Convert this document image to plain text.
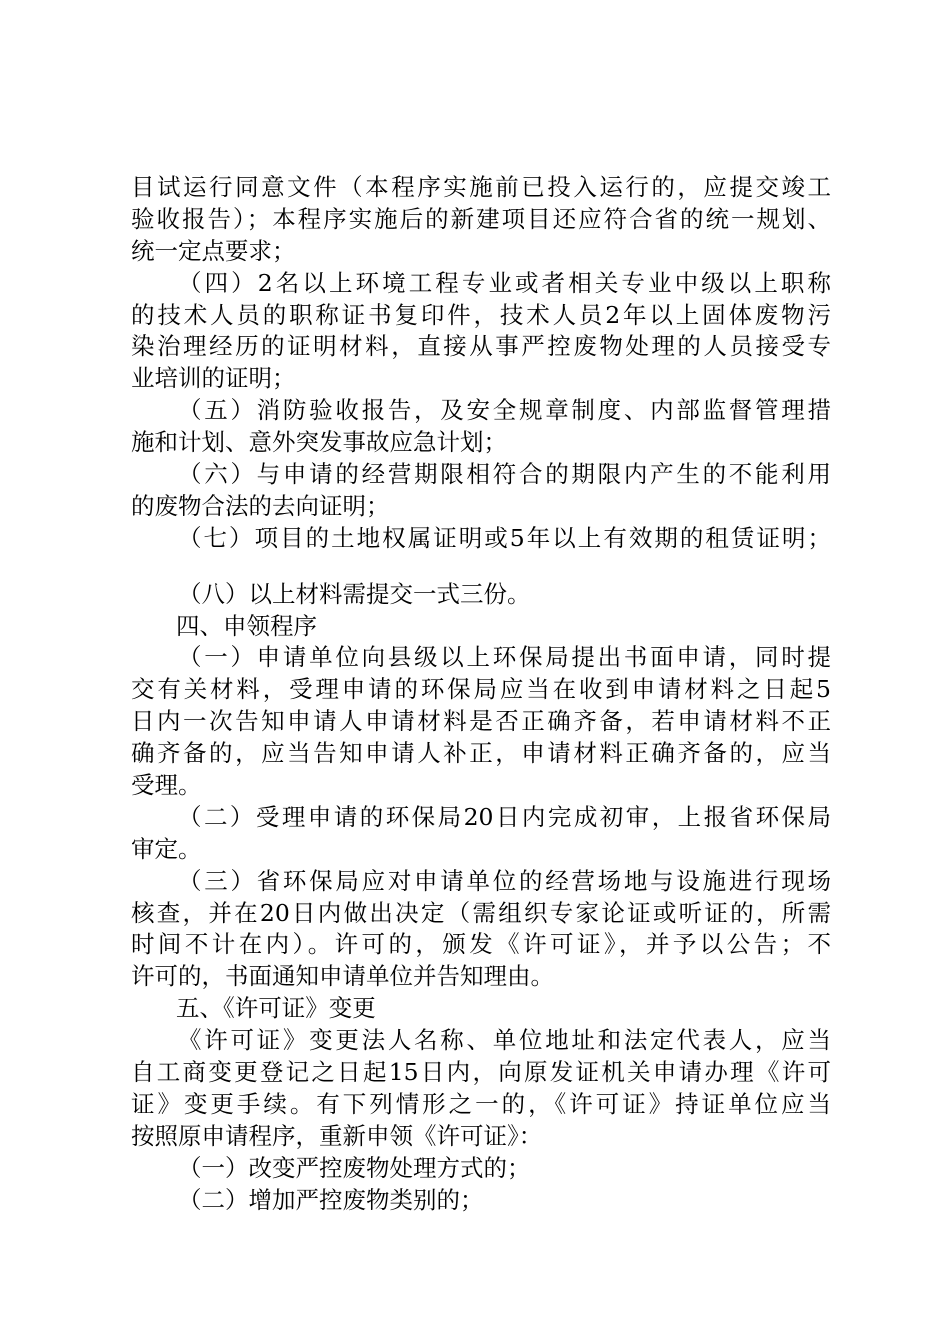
目试运行同意文件（本程序实施前已投入运行的，应提交竣工
验收报告）；本程序实施后的新建项目还应符合省的统一规划、
统一定点要求；
（四）2名以上环境工程专业或者相关专业中级以上职称
的技术人员的职称证书复印件，技术人员2年以上固体废物污
染治理经历的证明材料，直接从事严控废物处理的人员接受专
业培训的证明；
（五）消防验收报告，及安全规章制度、内部监督管理措
施和计划、意外突发事故应急计划；
（六）与申请的经营期限相符合的期限内产生的不能利用
的废物合法的去向证明；
（七）项目的土地权属证明或5年以上有效期的租赁证明；
（八）以上材料需提交一式三份。
四、申领程序
（一）申请单位向县级以上环保局提出书面申请，同时提
交有关材料，受理申请的环保局应当在收到申请材料之日起5
日内一次告知申请人申请材料是否正确齐备，若申请材料不正
确齐备的，应当告知申请人补正，申请材料正确齐备的，应当
受理。
（二）受理申请的环保局20日内完成初审，上报省环保局
审定。
（三）省环保局应对申请单位的经营场地与设施进行现场
核查，并在20日内做出决定（需组织专家论证或听证的，所需
时间不计在内）。许可的，颁发《许可证》，并予以公告；不
许可的，书面通知申请单位并告知理由。
五、《许可证》变更
《许可证》变更法人名称、单位地址和法定代表人，应当
自工商变更登记之日起15日内，向原发证机关申请办理《许可
证》变更手续。有下列情形之一的，《许可证》持证单位应当
按照原申请程序，重新申领《许可证》：
（一）改变严控废物处理方式的；
（二）增加严控废物类别的；
